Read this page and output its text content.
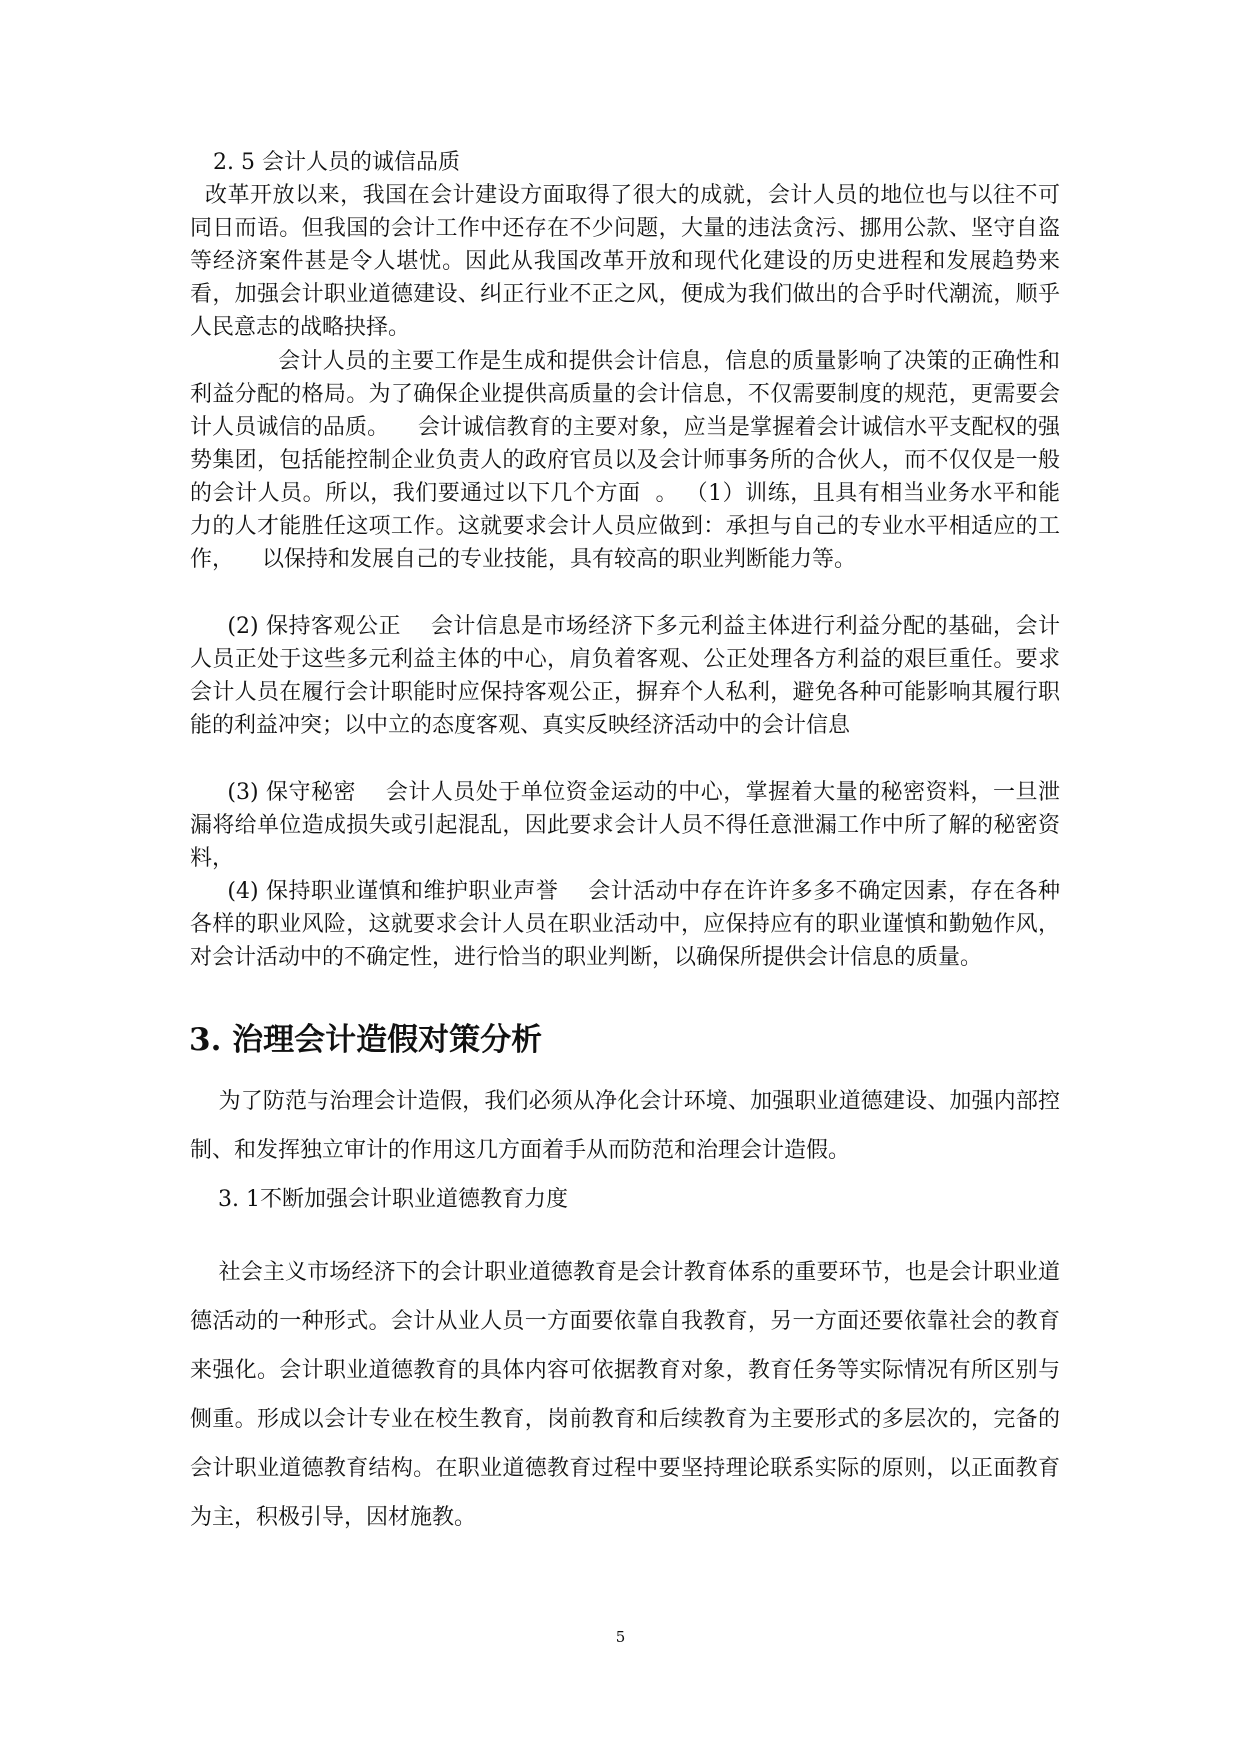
2. 5 会计人员的诚信品质

改革开放以来，我国在会计建设方面取得了很大的成就，会计人员的地位也与以往不可同日而语。但我国的会计工作中还存在不少问题，大量的违法贪污、挪用公款、坚守自盗等经济案件甚是令人堪忧。因此从我国改革开放和现代化建设的历史进程和发展趋势来看，加强会计职业道德建设、纠正行业不正之风，便成为我们做出的合乎时代潮流，顺乎人民意志的战略抉择。

会计人员的主要工作是生成和提供会计信息，信息的质量影响了决策的正确性和利益分配的格局。为了确保企业提供高质量的会计信息，不仅需要制度的规范，更需要会计人员诚信的品质。    会计诚信教育的主要对象，应当是掌握着会计诚信水平支配权的强势集团，包括能控制企业负责人的政府官员以及会计师事务所的合伙人，而不仅仅是一般的会计人员。所以，我们要通过以下几个方面  。 （1）训练，且具有相当业务水平和能力的人才能胜任这项工作。这就要求会计人员应做到：承担与自己的专业水平相适应的工作，    以保持和发展自己的专业技能，具有较高的职业判断能力等。

(2) 保持客观公正    会计信息是市场经济下多元利益主体进行利益分配的基础，会计人员正处于这些多元利益主体的中心，肩负着客观、公正处理各方利益的艰巨重任。要求会计人员在履行会计职能时应保持客观公正，摒弃个人私利，避免各种可能影响其履行职能的利益冲突；以中立的态度客观、真实反映经济活动中的会计信息

(3) 保守秘密    会计人员处于单位资金运动的中心，掌握着大量的秘密资料，一旦泄漏将给单位造成损失或引起混乱，因此要求会计人员不得任意泄漏工作中所了解的秘密资料，

(4) 保持职业谨慎和维护职业声誉    会计活动中存在许许多多不确定因素，存在各种各样的职业风险，这就要求会计人员在职业活动中，应保持应有的职业谨慎和勤勉作风，对会计活动中的不确定性，进行恰当的职业判断，以确保所提供会计信息的质量。

3. 治理会计造假对策分析

为了防范与治理会计造假，我们必须从净化会计环境、加强职业道德建设、加强内部控制、和发挥独立审计的作用这几方面着手从而防范和治理会计造假。

3. 1不断加强会计职业道德教育力度

社会主义市场经济下的会计职业道德教育是会计教育体系的重要环节，也是会计职业道德活动的一种形式。会计从业人员一方面要依靠自我教育，另一方面还要依靠社会的教育来强化。会计职业道德教育的具体内容可依据教育对象，教育任务等实际情况有所区别与侧重。形成以会计专业在校生教育，岗前教育和后续教育为主要形式的多层次的，完备的会计职业道德教育结构。在职业道德教育过程中要坚持理论联系实际的原则，以正面教育为主，积极引导，因材施教。

5
